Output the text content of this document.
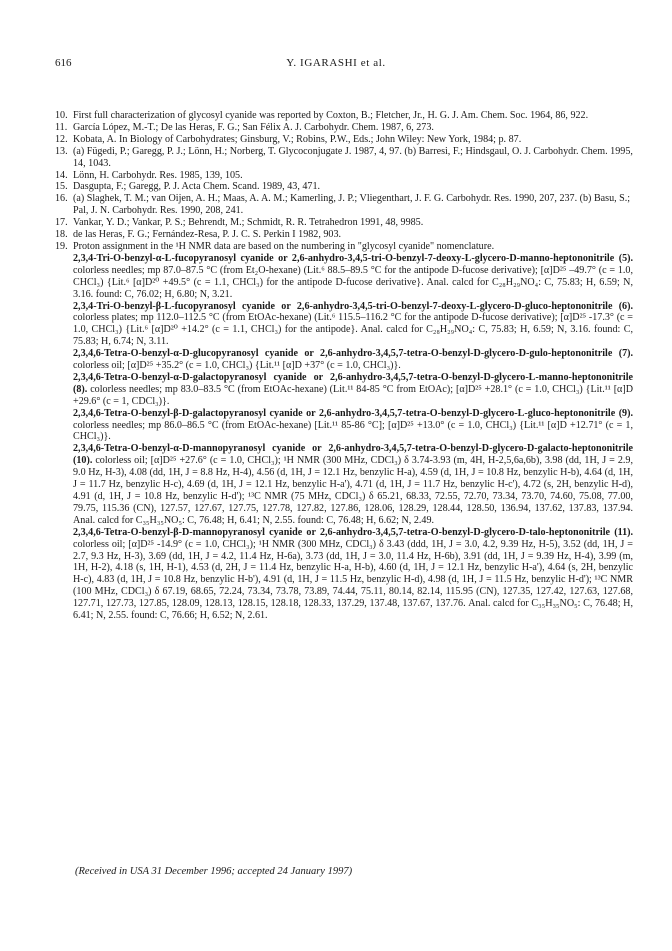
616	Y. IGARASHI et al.
10. First full characterization of glycosyl cyanide was reported by Coxton, B.; Fletcher, Jr., H. G. J. Am. Chem. Soc. 1964, 86, 922.
11. García López, M.-T.; De las Heras, F. G.; San Félix A. J. Carbohydr. Chem. 1987, 6, 273.
12. Kobata, A. In Biology of Carbohydrates; Ginsburg, V.; Robins, P.W., Eds.; John Wiley: New York, 1984; p. 87.
13. (a) Fügedi, P.; Garegg, P. J.; Lönn, H.; Norberg, T. Glycoconjugate J. 1987, 4, 97. (b) Barresi, F.; Hindsgaul, O. J. Carbohydr. Chem. 1995, 14, 1043.
14. Lönn, H. Carbohydr. Res. 1985, 139, 105.
15. Dasgupta, F.; Garegg, P. J. Acta Chem. Scand. 1989, 43, 471.
16. (a) Slaghek, T. M.; van Oijen, A. H.; Maas, A. A. M.; Kamerling, J. P.; Vliegenthart, J. F. G. Carbohydr. Res. 1990, 207, 237. (b) Basu, S.; Pal, J. N. Carbohydr. Res. 1990, 208, 241.
17. Vankar, Y. D.; Vankar, P. S.; Behrendt, M.; Schmidt, R. R. Tetrahedron 1991, 48, 9985.
18. de las Heras, F. G.; Fernández-Resa, P. J. C. S. Perkin I 1982, 903.
19. Proton assignment in the ¹H NMR data are based on the numbering in "glycosyl cyanide" nomenclature.

2,3,4-Tri-O-benzyl-α-L-fucopyranosyl cyanide or 2,6-anhydro-3,4,5-tri-O-benzyl-7-deoxy-L-glycero-D-manno-heptononitrile (5). colorless needles; mp 87.0–87.5 °C (from Et₂O-hexane) (Lit.⁶ 88.5–89.5 °C for the antipode D-fucose derivative); [α]D²⁵ –49.7° (c = 1.0, CHCl₃) {Lit.⁶ [α]D²⁰ +49.5° (c = 1.1, CHCl₃) for the antipode D-fucose derivative}. Anal. calcd for C₂₈H₂₉NO₄: C, 75.83; H, 6.59; N, 3.16. found: C, 76.02; H, 6.80; N, 3.21.

2,3,4-Tri-O-benzyl-β-L-fucopyranosyl cyanide or 2,6-anhydro-3,4,5-tri-O-benzyl-7-deoxy-L-glycero-D-gluco-heptononitrile (6). colorless plates; mp 112.0–112.5 °C (from EtOAc-hexane) (Lit.⁶ 115.5–116.2 °C for the antipode D-fucose derivative); [α]D²⁵ -17.3° (c = 1.0, CHCl₃) {Lit.⁶ [α]D²⁰ +14.2° (c = 1.1, CHCl₃) for the antipode}. Anal. calcd for C₂₈H₂₉NO₄: C, 75.83; H, 6.59; N, 3.16. found: C, 75.83; H, 6.74; N, 3.11.

2,3,4,6-Tetra-O-benzyl-α-D-glucopyranosyl cyanide or 2,6-anhydro-3,4,5,7-tetra-O-benzyl-D-glycero-D-gulo-heptononitrile (7). colorless oil; [α]D²⁵ +35.2° (c = 1.0, CHCl₃) {Lit.¹¹ [α]D +37° (c = 1.0, CHCl₃)}.

2,3,4,6-Tetra-O-benzyl-α-D-galactopyranosyl cyanide or 2,6-anhydro-3,4,5,7-tetra-O-benzyl-D-glycero-L-manno-heptononitrile (8). colorless needles; mp 83.0–83.5 °C (from EtOAc-hexane) (Lit.¹¹ 84-85 °C from EtOAc); [α]D²⁵ +28.1° (c = 1.0, CHCl₃) {Lit.¹¹ [α]D +29.6° (c = 1, CDCl₃)}.

2,3,4,6-Tetra-O-benzyl-β-D-galactopyranosyl cyanide or 2,6-anhydro-3,4,5,7-tetra-O-benzyl-D-glycero-L-gluco-heptononitrile (9). colorless needles; mp 86.0–86.5 °C (from EtOAc-hexane) [Lit.¹¹ 85-86 °C]; [α]D²⁵ +13.0° (c = 1.0, CHCl₃) {Lit.¹¹ [α]D +12.71° (c = 1, CHCl₃)}.

2,3,4,6-Tetra-O-benzyl-α-D-mannopyranosyl cyanide or 2,6-anhydro-3,4,5,7-tetra-O-benzyl-D-glycero-D-galacto-heptononitrile (10). colorless oil; [α]D²⁵ +27.6° (c = 1.0, CHCl₃); ¹H NMR (300 MHz, CDCl₃) δ 3.74-3.93 (m, 4H, H-2,5,6a,6b), 3.98 (dd, 1H, J = 2.9, 9.0 Hz, H-3), 4.08 (dd, 1H, J = 8.8 Hz, H-4), 4.56 (d, 1H, J = 12.1 Hz, benzylic H-a), 4.59 (d, 1H, J = 10.8 Hz, benzylic H-b), 4.64 (d, 1H, J = 11.7 Hz, benzylic H-c), 4.69 (d, 1H, J = 12.1 Hz, benzylic H-a'), 4.71 (d, 1H, J = 11.7 Hz, benzylic H-c'), 4.72 (s, 2H, benzylic H-d), 4.91 (d, 1H, J = 10.8 Hz, benzylic H-d'); ¹³C NMR (75 MHz, CDCl₃) δ 65.21, 68.33, 72.55, 72.70, 73.34, 73.70, 74.60, 75.08, 77.00, 79.75, 115.36 (CN), 127.57, 127.67, 127.75, 127.78, 127.82, 127.86, 128.06, 128.29, 128.44, 128.50, 136.94, 137.62, 137.83, 137.94. Anal. calcd for C₃₅H₃₅NO₅: C, 76.48; H, 6.41; N, 2.55. found: C, 76.48; H, 6.62; N, 2.49.

2,3,4,6-Tetra-O-benzyl-β-D-mannopyranosyl cyanide or 2,6-anhydro-3,4,5,7-tetra-O-benzyl-D-glycero-D-talo-heptononitrile (11). colorless oil; [α]D²⁵ -14.9° (c = 1.0, CHCl₃); ¹H NMR (300 MHz, CDCl₃) δ 3.43 (ddd, 1H, J = 3.0, 4.2, 9.39 Hz, H-5), 3.52 (dd, 1H, J = 2.7, 9.3 Hz, H-3), 3.69 (dd, 1H, J = 4.2, 11.4 Hz, H-6a), 3.73 (dd, 1H, J = 3.0, 11.4 Hz, H-6b), 3.91 (dd, 1H, J = 9.39 Hz, H-4), 3.99 (m, 1H, H-2), 4.18 (s, 1H, H-1), 4.53 (d, 2H, J = 11.4 Hz, benzylic H-a, H-b), 4.60 (d, 1H, J = 12.1 Hz, benzylic H-a'), 4.64 (s, 2H, benzylic H-c), 4.83 (d, 1H, J = 10.8 Hz, benzylic H-b'), 4.91 (d, 1H, J = 11.5 Hz, benzylic H-d), 4.98 (d, 1H, J = 11.5 Hz, benzylic H-d'); ¹³C NMR (100 MHz, CDCl₃) δ 67.19, 68.65, 72.24, 73.34, 73.78, 73.89, 74.44, 75.11, 80.14, 82.14, 115.95 (CN), 127.35, 127.42, 127.63, 127.68, 127.71, 127.73, 127.85, 128.09, 128.13, 128.15, 128.18, 128.33, 137.29, 137.48, 137.67, 137.76. Anal. calcd for C₃₅H₃₅NO₅: C, 76.48; H, 6.41; N, 2.55. found: C, 76.66; H, 6.52; N, 2.61.

(Received in USA 31 December 1996; accepted 24 January 1997)
